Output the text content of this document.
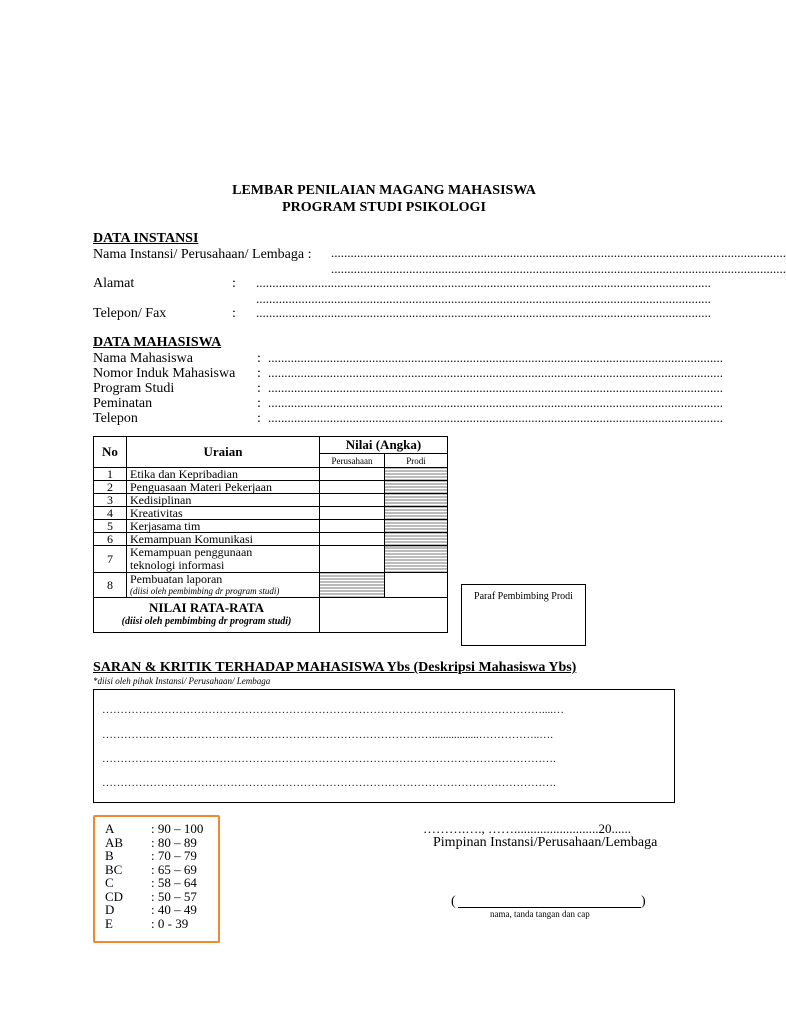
LEMBAR PENILAIAN MAGANG MAHASISWA
PROGRAM STUDI PSIKOLOGI
DATA INSTANSI
Nama Instansi/ Perusahaan/ Lembaga : ............................................................................................................................................
............................................................................................................................................
Alamat	: ............................................................................................................................................
............................................................................................................................................
Telepon/ Fax	: ............................................................................................................................................
DATA MAHASISWA
Nama Mahasiswa	: ............................................................................................................................................
Nomor Induk Mahasiswa : ............................................................................................................................................
Program Studi	: ............................................................................................................................................
Peminatan	: ............................................................................................................................................
Telepon	: ............................................................................................................................................
No	Uraian	Nilai (Angka)	
		Perusahaan	Prodi
1	Etika dan Kepribadian		
2	Penguasaan Materi Pekerjaan		
3	Kedisiplinan		
4	Kreativitas		
5	Kerjasama tim		
6	Kemampuan Komunikasi		
7	Kemampuan penggunaan
teknologi informasi		

8	Pembuatan laporan
(diisi oleh pembimbing dr program studi)		

NILAI RATA-RATA
(diisi oleh pembimbing dr program studi)			

Paraf Pembimbing Prodi
SARAN & KRITIK TERHADAP MAHASISWA Ybs (Deskripsi Mahasiswa Ybs)
*diisi oleh pihak Instansi/ Perusahaan/ Lembaga
…………………………………………………………………………………………………………....…
……………………………………………………………………………….................……………..….
…………………………………………………………………………………………………………….
…………………………………………………………………………………………………………….
A	: 90 – 100
AB : 80 – 89
B	: 70 – 79
BC : 65 – 69
C	: 58 – 64
CD : 50 – 57
D	: 40 – 49
E	: 0 - 39
……….…., ……..........................20......
Pimpinan Instansi/Perusahaan/Lembaga
(	)
nama, tanda tangan dan cap
